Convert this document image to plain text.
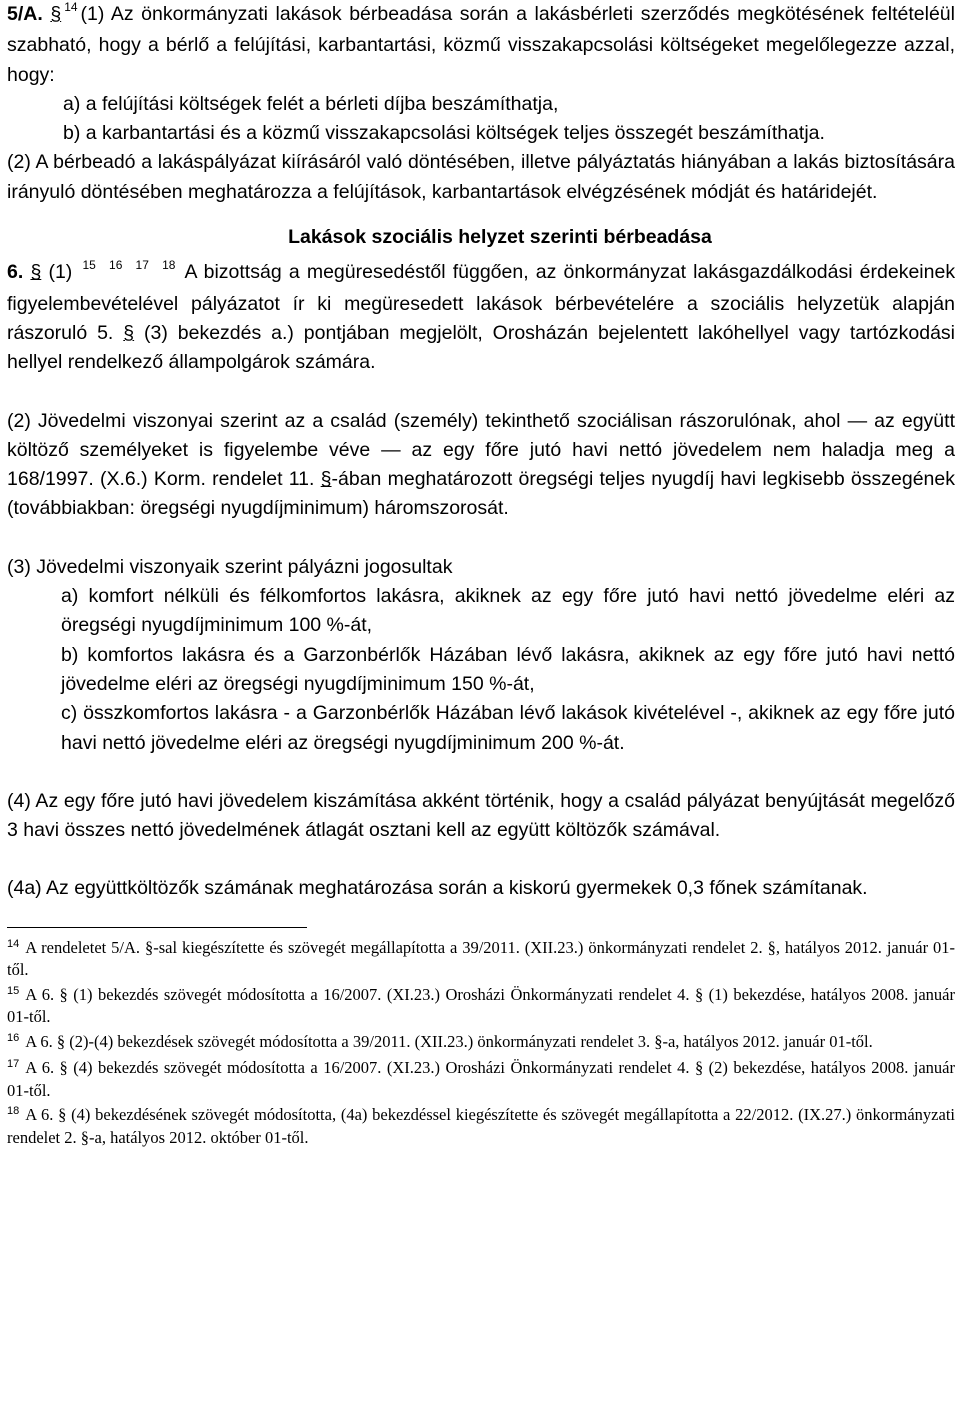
5/A. § $^{14}$ (1) Az önkormányzati lakások bérbeadása során a lakásbérleti szerződés megkötésének feltételéül szabható, hogy a bérlő a felújítási, karbantartási, közmű visszakapcsolási költségeket megelőlegezze azzal, hogy:

a) a felújítási költségek felét a bérleti díjba beszámíthatja,

b) a karbantartási és a közmű visszakapcsolási költségek teljes összegét beszámíthatja.

(2) A bérbeadó a lakáspályázat kiírásáról való döntésében, illetve pályáztatás hiányában a lakás biztosítására irányuló döntésében meghatározza a felújítások, karbantartások elvégzésének módját és határidejét.

Lakások szociális helyzet szerinti bérbeadása

6. § (1) $^{15}$ $^{16}$ $^{17}$ $^{18}$ A bizottság a megüresedéstől függően, az önkormányzat lakásgazdálkodási érdekeinek figyelembevételével pályázatot ír ki megüresedett lakások bérbevételére a szociális helyzetük alapján rászoruló 5. § (3) bekezdés a.) pontjában megjelölt, Orosházán bejelentett lakóhellyel vagy tartózkodási hellyel rendelkező állampolgárok számára.

(2) Jövedelmi viszonyai szerint az a család (személy) tekinthető szociálisan rászorulónak, ahol — az együtt költöző személyeket is figyelembe véve — az egy főre jutó havi nettó jövedelem nem haladja meg a 168/1997. (X.6.) Korm. rendelet 11. §-ában meghatározott öregségi teljes nyugdíj havi legkisebb összegének (továbbiakban: öregségi nyugdíjminimum) háromszorosát.

(3) Jövedelmi viszonyaik szerint pályázni jogosultak

a) komfort nélküli és félkomfortos lakásra, akiknek az egy főre jutó havi nettó jövedelme eléri az öregségi nyugdíjminimum 100 %-át,

b) komfortos lakásra és a Garzonbérlők Házában lévő lakásra, akiknek az egy főre jutó havi nettó jövedelme eléri az öregségi nyugdíjminimum 150 %-át,

c) összkomfortos lakásra - a Garzonbérlők Házában lévő lakások kivételével -, akiknek az egy főre jutó havi nettó jövedelme eléri az öregségi nyugdíjminimum 200 %-át.

(4) Az egy főre jutó havi jövedelem kiszámítása akként történik, hogy a család pályázat benyújtását megelőző 3 havi összes nettó jövedelmének átlagát osztani kell az együtt költözők számával.

(4a) Az együttköltözők számának meghatározása során a kiskorú gyermekek 0,3 főnek számítanak.

$^{14}$ A rendeletet 5/A. §-sal kiegészítette és szövegét megállapította a 39/2011. (XII.23.) önkormányzati rendelet 2. §, hatályos 2012. január 01-től.

$^{15}$ A 6. § (1) bekezdés szövegét módosította a 16/2007. (XI.23.) Orosházi Önkormányzati rendelet 4. § (1) bekezdése, hatályos 2008. január 01-től.

$^{16}$ A 6. § (2)-(4) bekezdések szövegét módosította a 39/2011. (XII.23.) önkormányzati rendelet 3. §-a, hatályos 2012. január 01-től.

$^{17}$ A 6. § (4) bekezdés szövegét módosította a 16/2007. (XI.23.) Orosházi Önkormányzati rendelet 4. § (2) bekezdése, hatályos 2008. január 01-től.

$^{18}$ A 6. § (4) bekezdésének szövegét módosította, (4a) bekezdéssel kiegészítette és szövegét megállapította a 22/2012. (IX.27.) önkormányzati rendelet 2. §-a, hatályos 2012. október 01-től.
